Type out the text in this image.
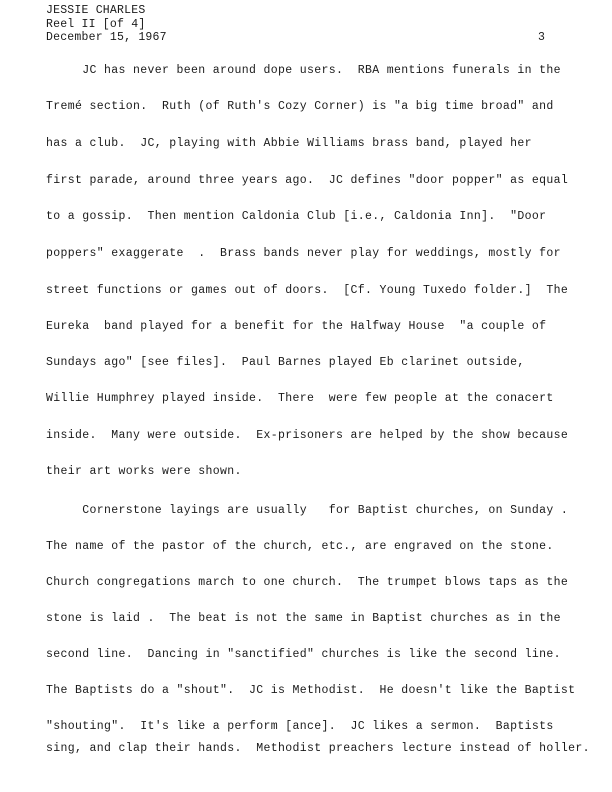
JESSIE CHARLES
Reel II [of 4]
December 15, 1967	3
JC has never been around dope users.  RBA mentions funerals in the
Tremé section.  Ruth (of Ruth's Cozy Corner) is "a big time broad" and
has a club.  JC, playing with Abbie Williams brass band, played her
first parade, around three years ago.  JC defines "door popper" as equal
to a gossip.  Then mention Caldonia Club [i.e., Caldonia Inn].  "Door
poppers" exaggerate  .  Brass bands never play for weddings, mostly for
street functions or games out of doors.  [Cf. Young Tuxedo folder.]  The
Eureka  band played for a benefit for the Halfway House  "a couple of
Sundays ago" [see files].  Paul Barnes played Eb clarinet outside,
Willie Humphrey played inside.  There  were few people at the conacert
inside.  Many were outside.  Ex-prisoners are helped by the show because
their art works were shown.
Cornerstone layings are usually   for Baptist churches, on Sunday .
The name of the pastor of the church, etc., are engraved on the stone.
Church congregations march to one church.  The trumpet blows taps as the
stone is laid .  The beat is not the same in Baptist churches as in the
second line.  Dancing in "sanctified" churches is like the second line.
The Baptists do a "shout".  JC is Methodist.  He doesn't like the Baptist
"shouting".  It's like a perform [ance].  JC likes a sermon.  Baptists
sing, and clap their hands.  Methodist preachers lecture instead of holler.
